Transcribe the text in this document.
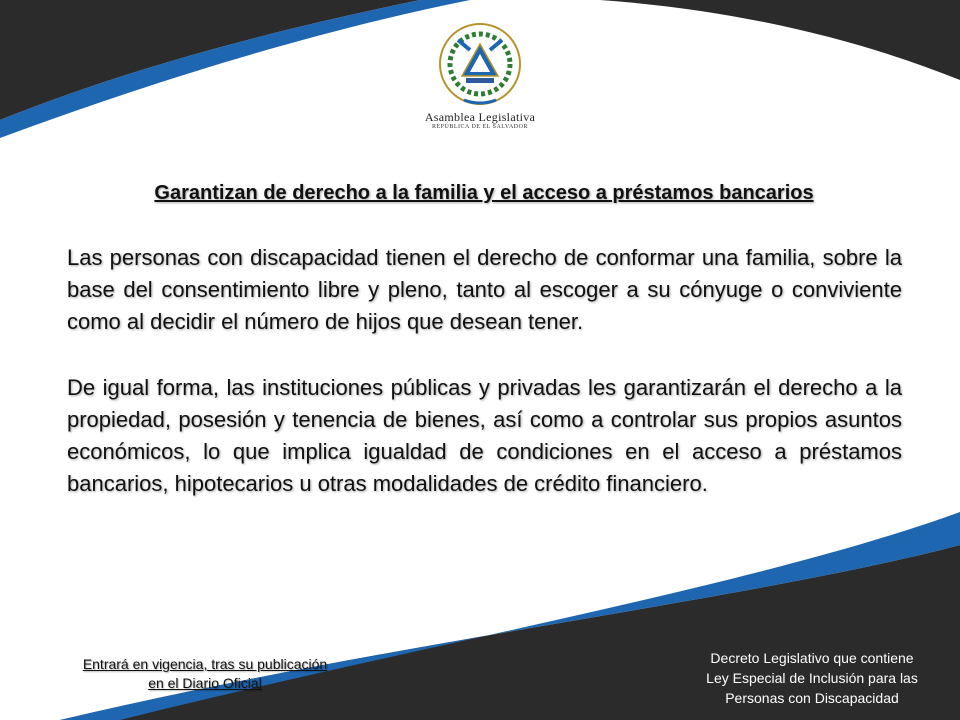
Asamblea Legislativa
REPÚBLICA DE EL SALVADOR
Garantizan de derecho a la familia y el acceso a préstamos bancarios

Las personas con discapacidad tienen el derecho de conformar una familia, sobre la base del consentimiento libre y pleno, tanto al escoger a su cónyuge o conviviente como al decidir el número de hijos que desean tener.

De igual forma, las instituciones públicas y privadas les garantizarán el derecho a la propiedad, posesión y tenencia de bienes, así como a controlar sus propios asuntos económicos, lo que implica igualdad de condiciones en el acceso a préstamos bancarios, hipotecarios u otras modalidades de crédito financiero.

Entrará en vigencia, tras su publicación
en el Diario Oficial
Decreto Legislativo que contiene
Ley Especial de Inclusión para las
Personas con Discapacidad
